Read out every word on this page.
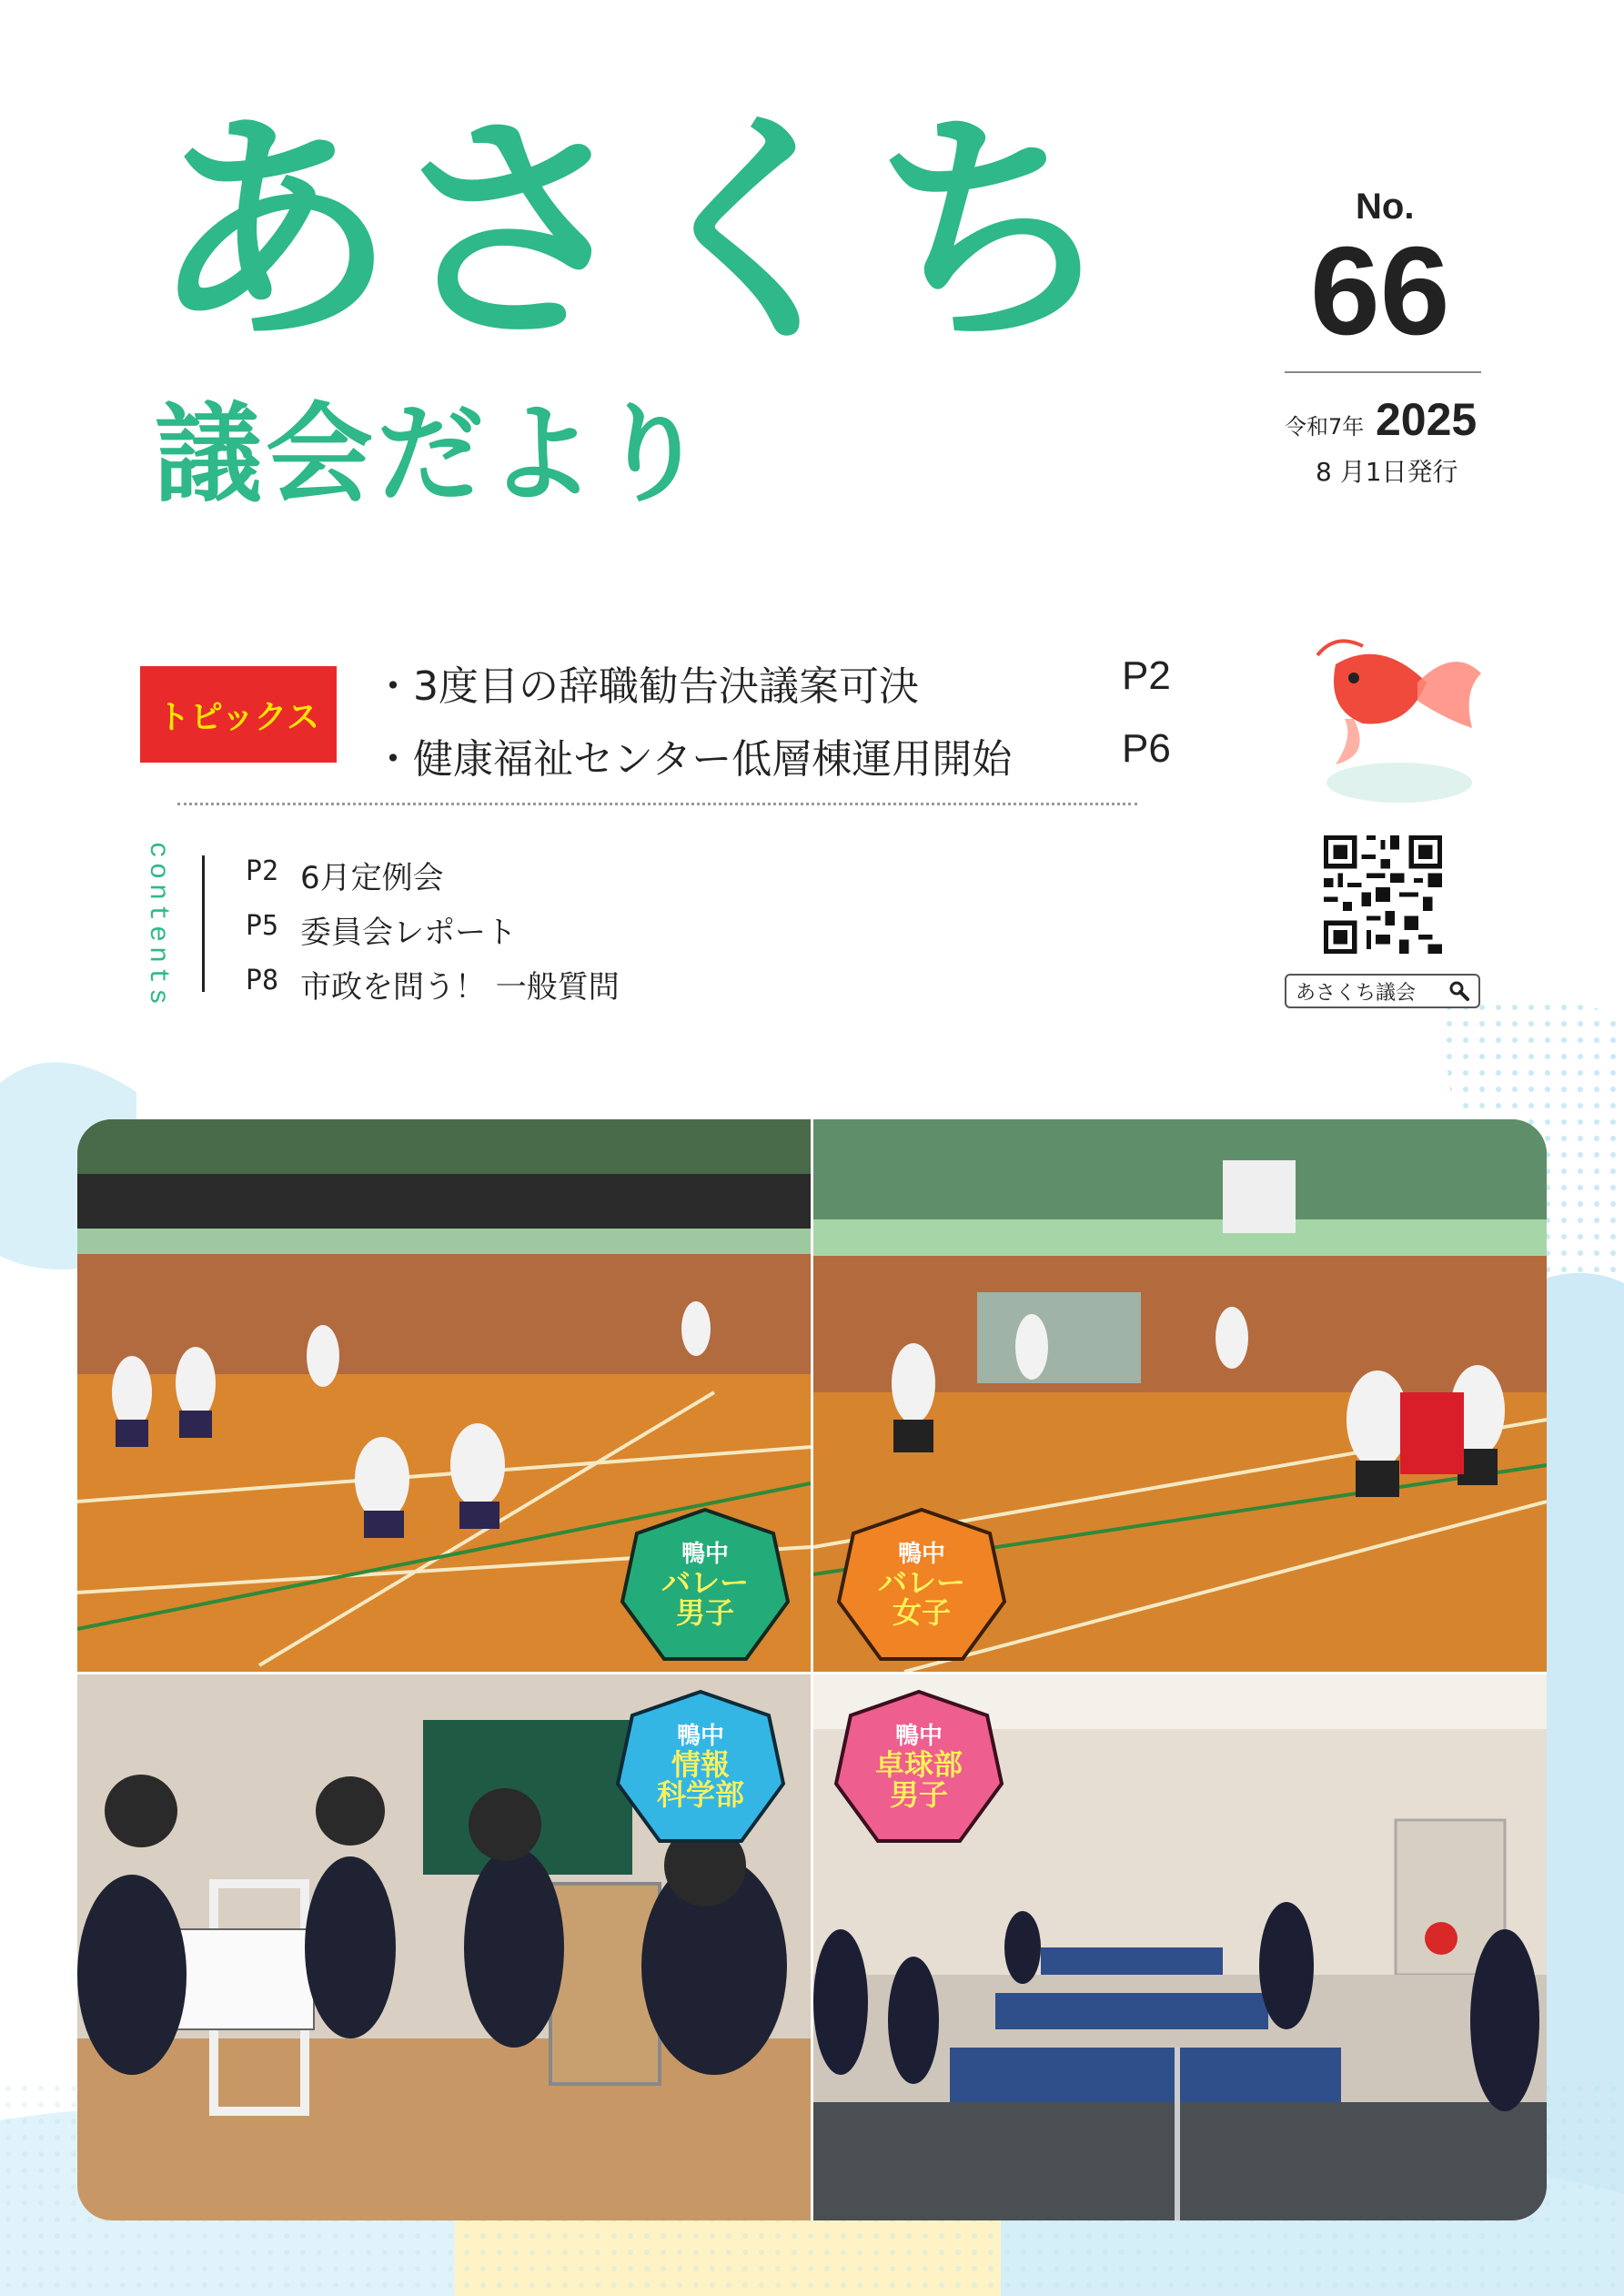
あさくち
議会だより
No.
66
令和7年 2025
8 月1日発行
トピックス
・3度目の辞職勧告決議案可決	P2
・健康福祉センター低層棟運用開始	P6
contents	P2 6月定例会
P5 委員会レポート
P8 市政を問う！ 一般質問	あさくち議会
鴨中
バレー
男子
鴨中
バレー
女子
鴨中
情報
科学部
鴨中
卓球部
男子
